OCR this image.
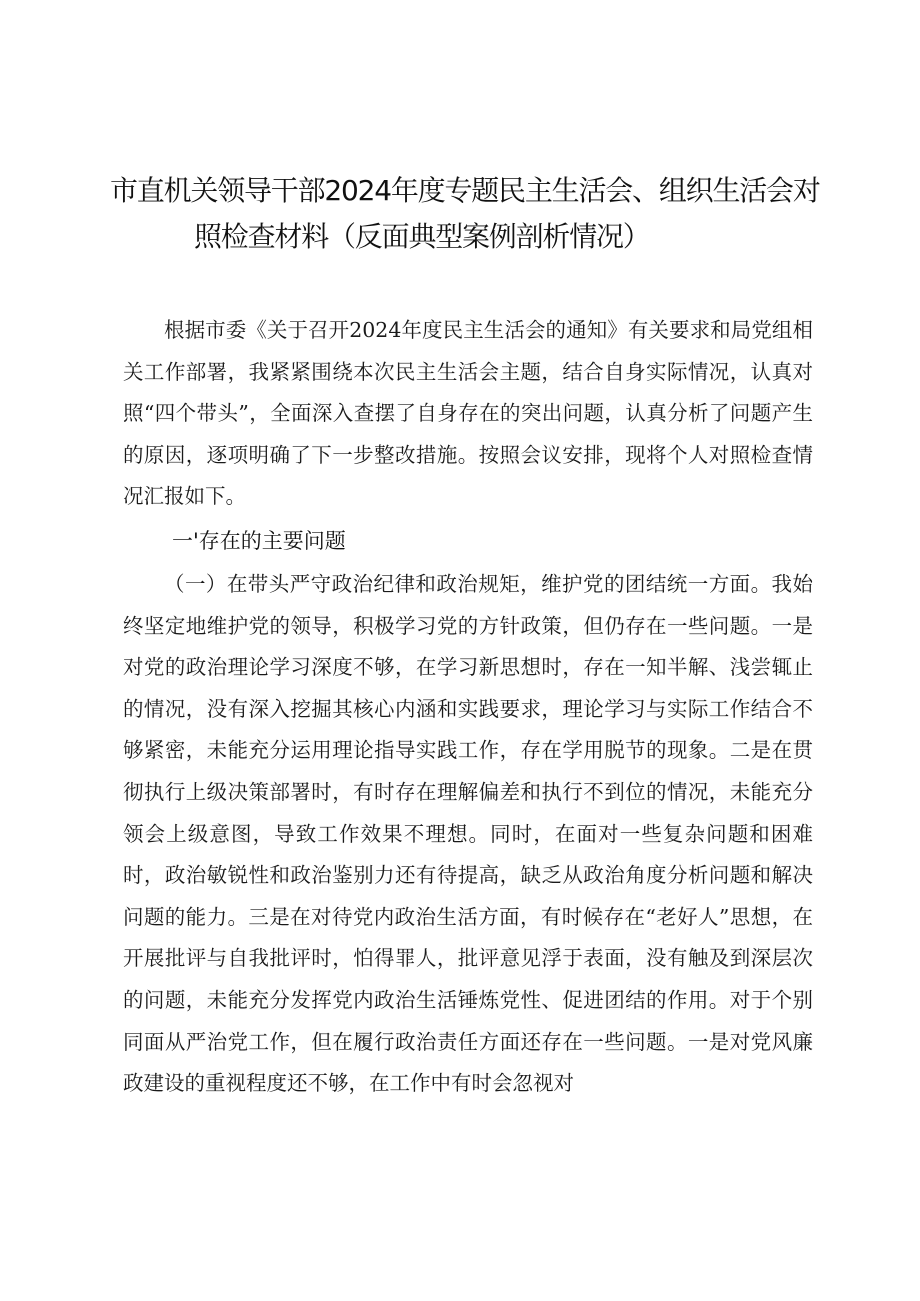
市直机关领导干部2024年度专题民主生活会、组织生活会对
照检查材料（反面典型案例剖析情况）

根据市委《关于召开2024年度民主生活会的通知》有关要求和局党组相关工作部署，我紧紧围绕本次民主生活会主题，结合自身实际情况，认真对照“四个带头”，全面深入查摆了自身存在的突出问题，认真分析了问题产生的原因，逐项明确了下一步整改措施。按照会议安排，现将个人对照检查情况汇报如下。

一'存在的主要问题

（一）在带头严守政治纪律和政治规矩，维护党的团结统一方面。我始终坚定地维护党的领导，积极学习党的方针政策，但仍存在一些问题。一是对党的政治理论学习深度不够，在学习新思想时，存在一知半解、浅尝辄止的情况，没有深入挖掘其核心内涵和实践要求，理论学习与实际工作结合不够紧密，未能充分运用理论指导实践工作，存在学用脱节的现象。二是在贯彻执行上级决策部署时，有时存在理解偏差和执行不到位的情况，未能充分领会上级意图，导致工作效果不理想。同时，在面对一些复杂问题和困难时，政治敏锐性和政治鉴别力还有待提高，缺乏从政治角度分析问题和解决问题的能力。三是在对待党内政治生活方面，有时候存在“老好人”思想，在开展批评与自我批评时，怕得罪人，批评意见浮于表面，没有触及到深层次的问题，未能充分发挥党内政治生活锤炼党性、促进团结的作用。对于个别同面从严治党工作，但在履行政治责任方面还存在一些问题。一是对党风廉政建设的重视程度还不够，在工作中有时会忽视对
